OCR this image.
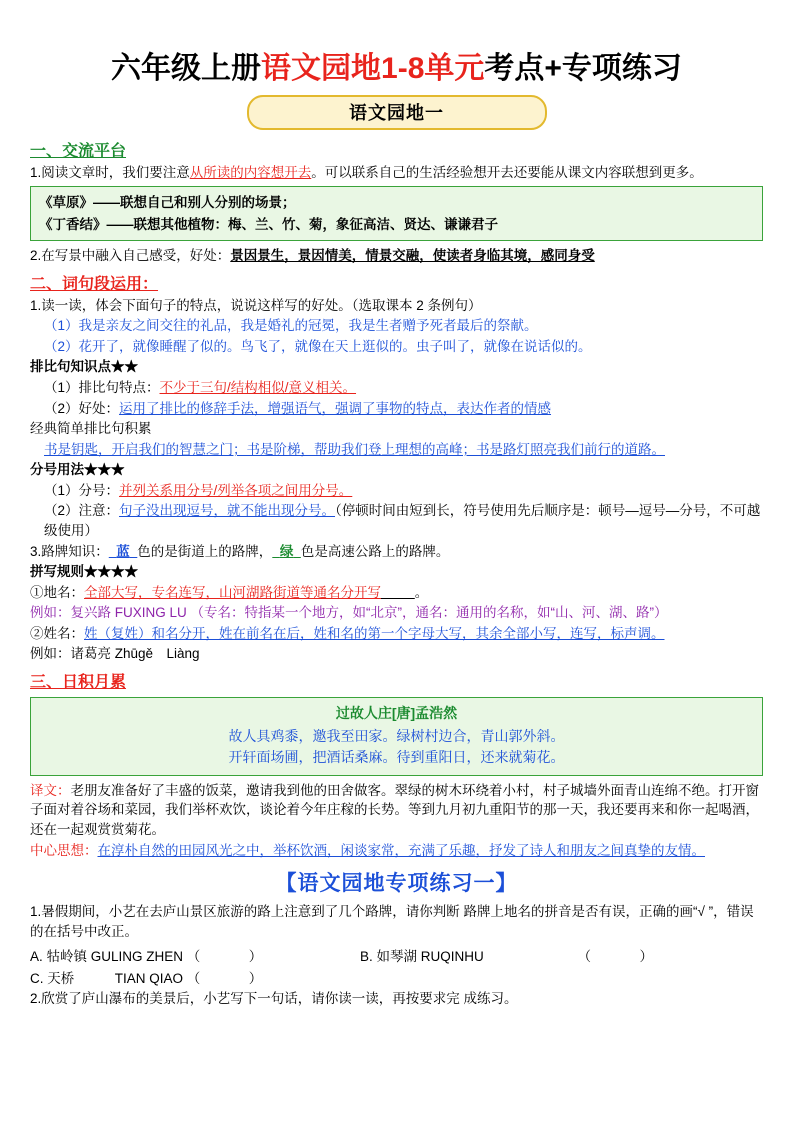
六年级上册语文园地1-8单元考点+专项练习
语文园地一
一、交流平台
1.阅读文章时，我们要注意从所读的内容想开去。可以联系自己的生活经验想开去还要能从课文内容联想到更多。
《草原》——联想自己和别人分别的场景；
《丁香结》——联想其他植物：梅、兰、竹、菊，象征高洁、贤达、谦谦君子
2.在写景中融入自己感受，好处：景因景生，景因情美，情景交融，使读者身临其境，感同身受
二、词句段运用：
1.读一读，体会下面句子的特点，说说这样写的好处。（选取课本 2 条例句）
（1）我是亲友之间交往的礼品，我是婚礼的冠冕，我是生者赠予死者最后的祭献。
（2）花开了，就像睡醒了似的。鸟飞了，就像在天上逛似的。虫子叫了，就像在说话似的。
排比句知识点★★
（1）排比句特点：不少于三句/结构相似/意义相关。
（2）好处：运用了排比的修辞手法，增强语气，强调了事物的特点，表达作者的情感
经典简单排比句积累
书是钥匙，开启我们的智慧之门；书是阶梯，帮助我们登上理想的高峰；书是路灯照亮我们前行的道路。
分号用法★★★
（1）分号：并列关系用分号/列举各项之间用分号。
（2）注意：句子没出现逗号，就不能出现分号。（停顿时间由短到长，符号使用先后顺序是：顿号—逗号—分号，不可越级使用）
3.路牌知识： 蓝 色的是街道上的路牌， 绿 色是高速公路上的路牌。
拼写规则★★★★
①地名：全部大写，专名连写，山河湖路街道等通名分开写	。
例如：复兴路 FUXING LU （专名：特指某一个地方，如“北京”，通名：通用的名称，如“山、河、湖、路”）
②姓名：姓（复姓）和名分开，姓在前名在后，姓和名的第一个字母大写，其余全部小写，连写，标声调。
例如：诸葛亮 Zhūgě　Liàng
三、日积月累
过故人庄[唐]孟浩然
故人具鸡黍，邀我至田家。绿树村边合，青山郭外斜。
开轩面场圃，把酒话桑麻。待到重阳日，还来就菊花。
译文：老朋友准备好了丰盛的饭菜，邀请我到他的田舍做客。翠绿的树木环绕着小村，村子城墙外面青山连绵不绝。打开窗子面对着谷场和菜园，我们举杯欢饮，谈论着今年庄稼的长势。等到九月初九重阳节的那一天，我还要再来和你一起喝酒，还在一起观赏赏菊花。
中心思想：在淳朴自然的田园风光之中，举杯饮酒，闲谈家常，充满了乐趣，抒发了诗人和朋友之间真挚的友情。
【语文园地专项练习一】
1.暑假期间，小艺在去庐山景区旅游的路上注意到了几个路牌，请你判断 路牌上地名的拼音是否有误，正确的画“√ ”，错误的在括号中改正。
A. 牯岭镇 GULING ZHEN （　　　）	B. 如琴湖 RUQINHU	（　　　）
C. 天桥　　　TIAN QIAO （　　　）
2.欣赏了庐山瀑布的美景后，小艺写下一句话，请你读一读，再按要求完 成练习。
